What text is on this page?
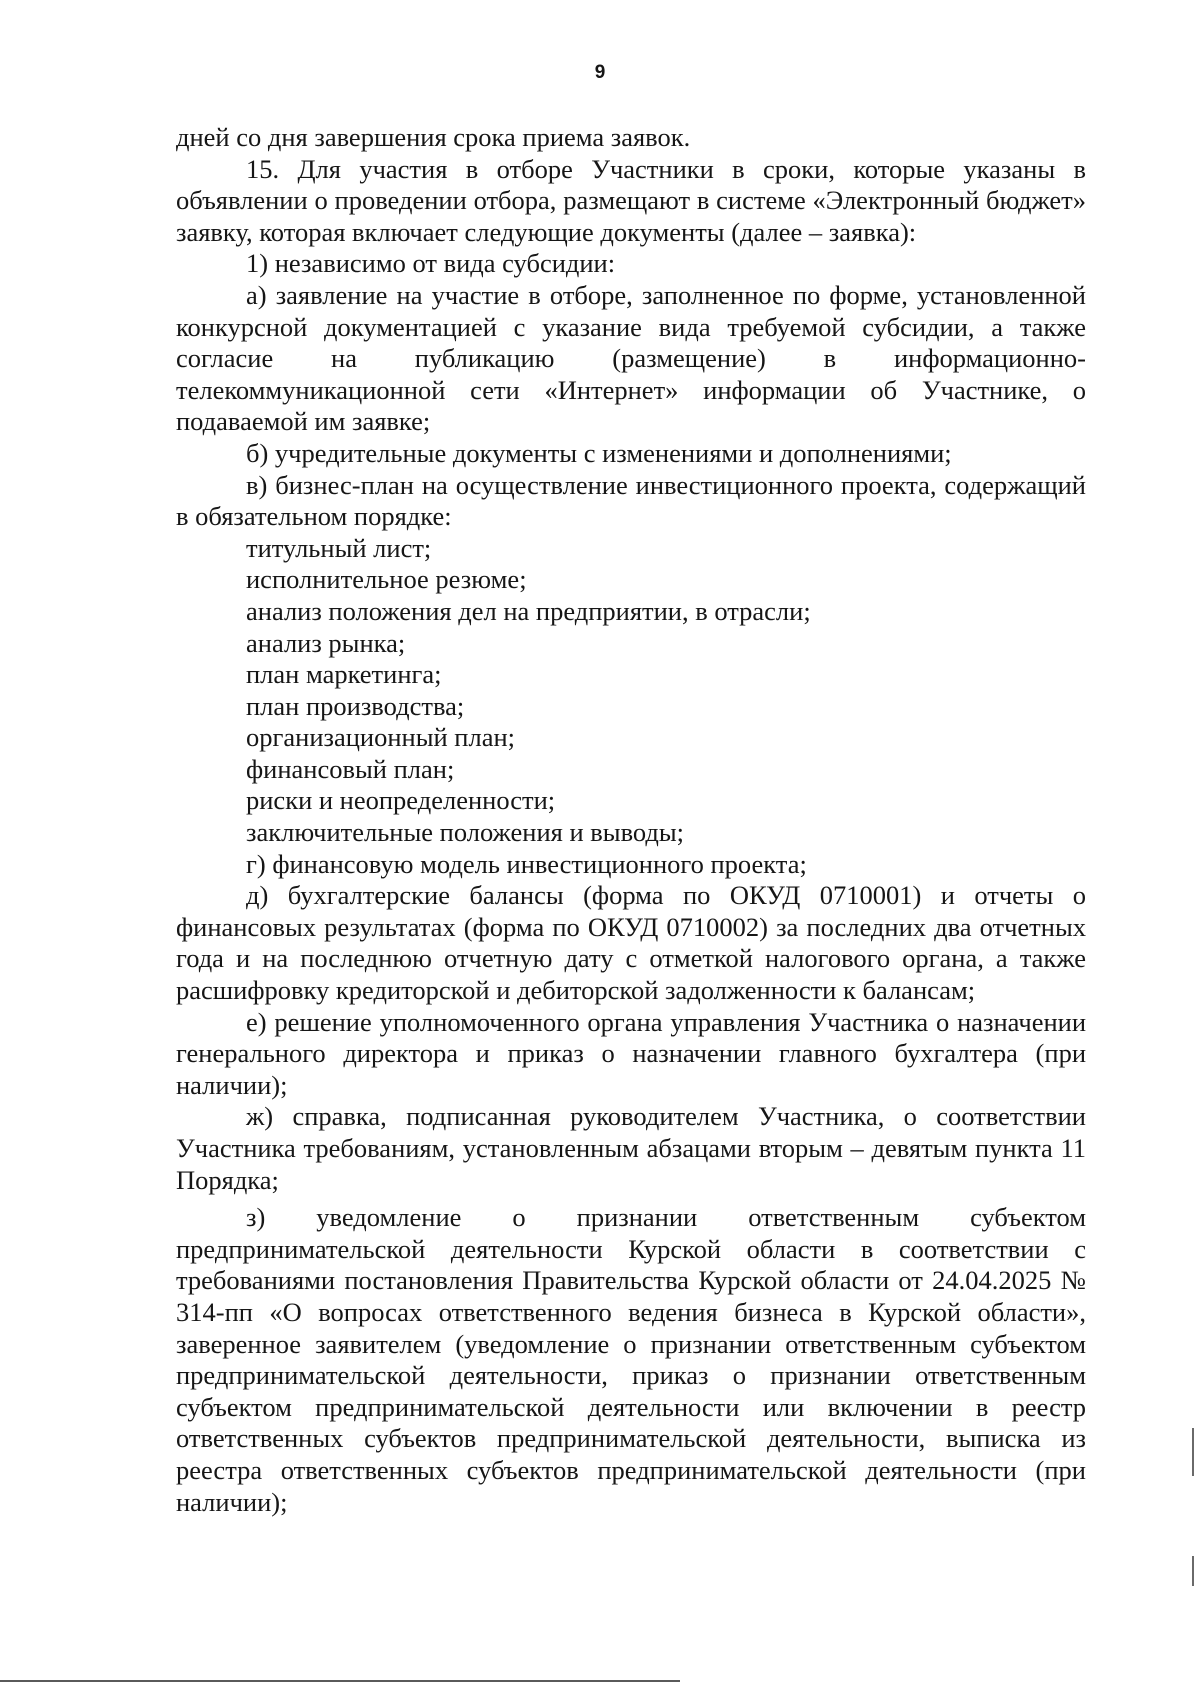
9

дней со дня завершения срока приема заявок.

15. Для участия в отборе Участники в сроки, которые указаны в объявлении о проведении отбора, размещают в системе «Электронный бюджет» заявку, которая включает следующие документы (далее – заявка):

1) независимо от вида субсидии:

а) заявление на участие в отборе, заполненное по форме, установленной конкурсной документацией с указание вида требуемой субсидии, а также согласие на публикацию (размещение) в информационно-телекоммуникационной сети «Интернет» информации об Участнике, о подаваемой им заявке;

б) учредительные документы с изменениями и дополнениями;

в) бизнес-план на осуществление инвестиционного проекта, содержащий в обязательном порядке:

титульный лист;

исполнительное резюме;

анализ положения дел на предприятии, в отрасли;

анализ рынка;

план маркетинга;

план производства;

организационный план;

финансовый план;

риски и неопределенности;

заключительные положения и выводы;

г) финансовую модель инвестиционного проекта;

д) бухгалтерские балансы (форма по ОКУД 0710001) и отчеты о финансовых результатах (форма по ОКУД 0710002) за последних два отчетных года и на последнюю отчетную дату с отметкой налогового органа, а также расшифровку кредиторской и дебиторской задолженности к балансам;

е) решение уполномоченного органа управления Участника о назначении генерального директора и приказ о назначении главного бухгалтера (при наличии);

ж) справка, подписанная руководителем Участника, о соответствии Участника требованиям, установленным абзацами вторым – девятым пункта 11 Порядка;

з) уведомление о признании ответственным субъектом предпринимательской деятельности Курской области в соответствии с требованиями постановления Правительства Курской области от 24.04.2025 № 314-пп «О вопросах ответственного ведения бизнеса в Курской области», заверенное заявителем (уведомление о признании ответственным субъектом предпринимательской деятельности, приказ о признании ответственным субъектом предпринимательской деятельности или включении в реестр ответственных субъектов предпринимательской деятельности, выписка из реестра ответственных субъектов предпринимательской деятельности (при наличии);
